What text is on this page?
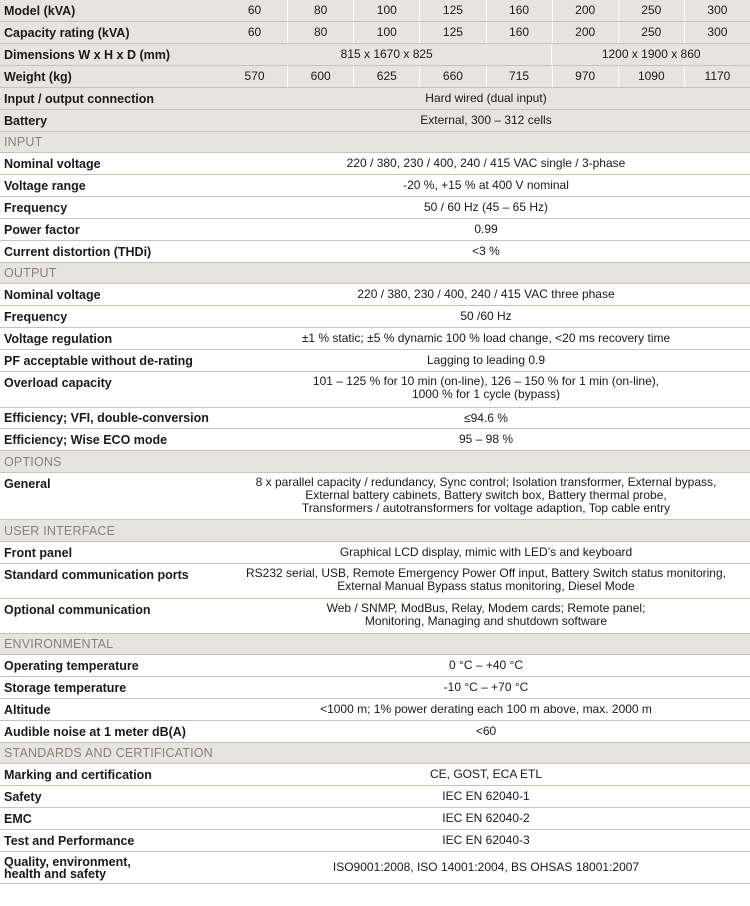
Model (kVA)	60	80	100	125	160	200	250	300
Capacity rating (kVA)	60	80	100	125	160	200	250	300
Dimensions W x H x D (mm)	815 x 1670 x 825	1200 x 1900 x 860
Weight (kg)	570	600	625	660	715	970	1090	1170
Input / output connection	Hard wired (dual input)
Battery	External, 300 – 312 cells
INPUT
Nominal voltage	220 / 380, 230 / 400, 240 / 415 VAC single / 3-phase
Voltage range	-20 %, +15 % at 400 V nominal
Frequency	50 / 60 Hz (45 – 65 Hz)
Power factor	0.99
Current distortion (THDi)	<3 %
OUTPUT
Nominal voltage	220 / 380, 230 / 400, 240 / 415 VAC three phase
Frequency	50 /60 Hz
Voltage regulation	±1 % static; ±5 % dynamic 100 % load change, <20 ms recovery time
PF acceptable without de-rating	Lagging to leading 0.9
Overload capacity	101 – 125 % for 10 min (on-line), 126 – 150 % for 1 min (on-line),
1000 % for 1 cycle (bypass)
Efficiency; VFI, double-conversion	≤94.6 %
Efficiency; Wise ECO mode	95 – 98 %
OPTIONS
General	8 x parallel capacity / redundancy, Sync control; Isolation transformer, External bypass,
External battery cabinets, Battery switch box, Battery thermal probe,
Transformers / autotransformers for voltage adaption, Top cable entry
USER INTERFACE
Front panel	Graphical LCD display, mimic with LED’s and keyboard
Standard communication ports	RS232 serial, USB, Remote Emergency Power Off input, Battery Switch status monitoring,
External Manual Bypass status monitoring, Diesel Mode
Optional communication	Web / SNMP, ModBus, Relay, Modem cards; Remote panel;
Monitoring, Managing and shutdown software
ENVIRONMENTAL
Operating temperature	0 °C – +40 °C
Storage temperature	-10 °C – +70 °C
Altitude	<1000 m; 1% power derating each 100 m above, max. 2000 m
Audible noise at 1 meter dB(A)	<60
STANDARDS AND CERTIFICATION
Marking and certification	CE, GOST, ECA ETL
Safety	IEC EN 62040-1
EMC	IEC EN 62040-2
Test and Performance	IEC EN 62040-3
Quality, environment,
health and safety	ISO9001:2008, ISO 14001:2004, BS OHSAS 18001:2007
